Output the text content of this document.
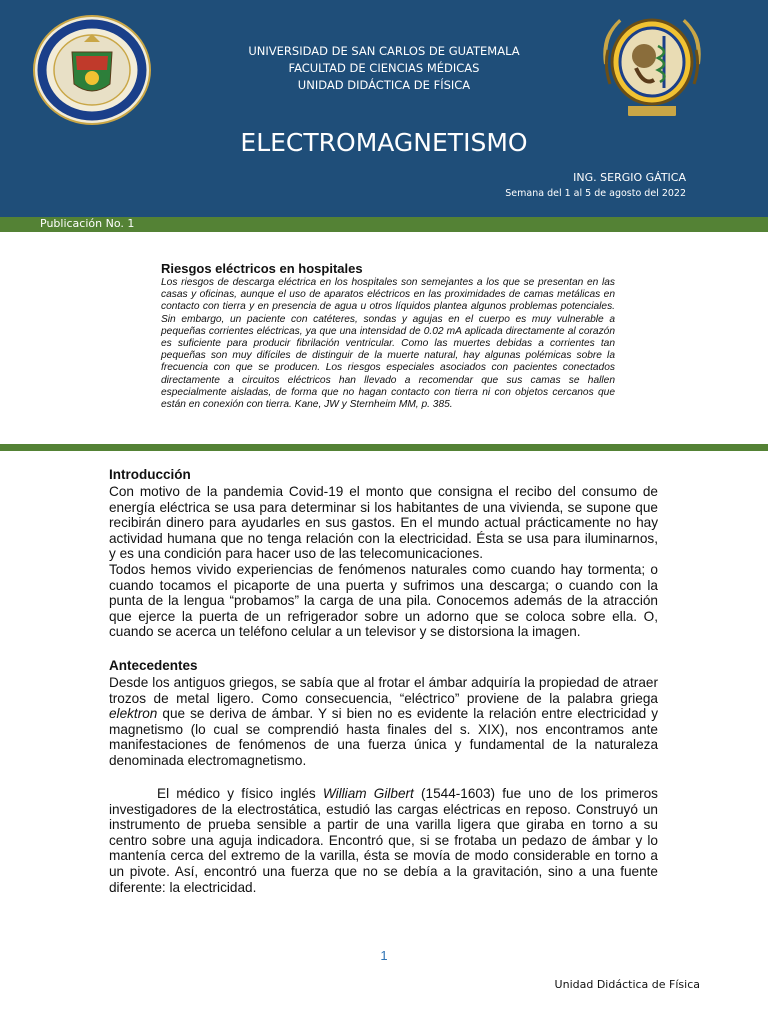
UNIVERSIDAD DE SAN CARLOS DE GUATEMALA
FACULTAD DE CIENCIAS MÉDICAS
UNIDAD DIDÁCTICA DE FÍSICA
ELECTROMAGNETISMO
ING. SERGIO GÁTICA
Semana del 1 al 5 de agosto del 2022
Publicación No. 1
Riesgos eléctricos en hospitales
Los riesgos de descarga eléctrica en los hospitales son semejantes a los que se presentan en las casas y oficinas, aunque el uso de aparatos eléctricos en las proximidades de camas metálicas en contacto con tierra y en presencia de agua u otros líquidos plantea algunos problemas potenciales. Sin embargo, un paciente con catéteres, sondas y agujas en el cuerpo es muy vulnerable a pequeñas corrientes eléctricas, ya que una intensidad de 0.02 mA aplicada directamente al corazón es suficiente para producir fibrilación ventricular. Como las muertes debidas a corrientes tan pequeñas son muy difíciles de distinguir de la muerte natural, hay algunas polémicas sobre la frecuencia con que se producen. Los riesgos especiales asociados con pacientes conectados directamente a circuitos eléctricos han llevado a recomendar que sus camas se hallen especialmente aisladas, de forma que no hagan contacto con tierra ni con objetos cercanos que están en conexión con tierra. Kane, JW y Sternheim MM, p. 385.
Introducción

Con motivo de la pandemia Covid-19 el monto que consigna el recibo del consumo de energía eléctrica se usa para determinar si los habitantes de una vivienda, se supone que recibirán dinero para ayudarles en sus gastos. En el mundo actual prácticamente no hay actividad humana que no tenga relación con la electricidad. Ésta se usa para iluminarnos, y es una condición para hacer uso de las telecomunicaciones.

Todos hemos vivido experiencias de fenómenos naturales como cuando hay tormenta; o cuando tocamos el picaporte de una puerta y sufrimos una descarga; o cuando con la punta de la lengua “probamos” la carga de una pila. Conocemos además de la atracción que ejerce la puerta de un refrigerador sobre un adorno que se coloca sobre ella. O, cuando se acerca un teléfono celular a un televisor y se distorsiona la imagen.

Antecedentes

Desde los antiguos griegos, se sabía que al frotar el ámbar adquiría la propiedad de atraer trozos de metal ligero. Como consecuencia, “eléctrico” proviene de la palabra griega elektron que se deriva de ámbar. Y si bien no es evidente la relación entre electricidad y magnetismo (lo cual se comprendió hasta finales del s. XIX), nos encontramos ante manifestaciones de fenómenos de una fuerza única y fundamental de la naturaleza denominada electromagnetismo.

El médico y físico inglés William Gilbert (1544-1603) fue uno de los primeros investigadores de la electrostática, estudió las cargas eléctricas en reposo. Construyó un instrumento de prueba sensible a partir de una varilla ligera que giraba en torno a su centro sobre una aguja indicadora. Encontró que, si se frotaba un pedazo de ámbar y lo mantenía cerca del extremo de la varilla, ésta se movía de modo considerable en torno a un pivote. Así, encontró una fuerza que no se debía a la gravitación, sino a una fuente diferente: la electricidad.

1
Unidad Didáctica de Física
